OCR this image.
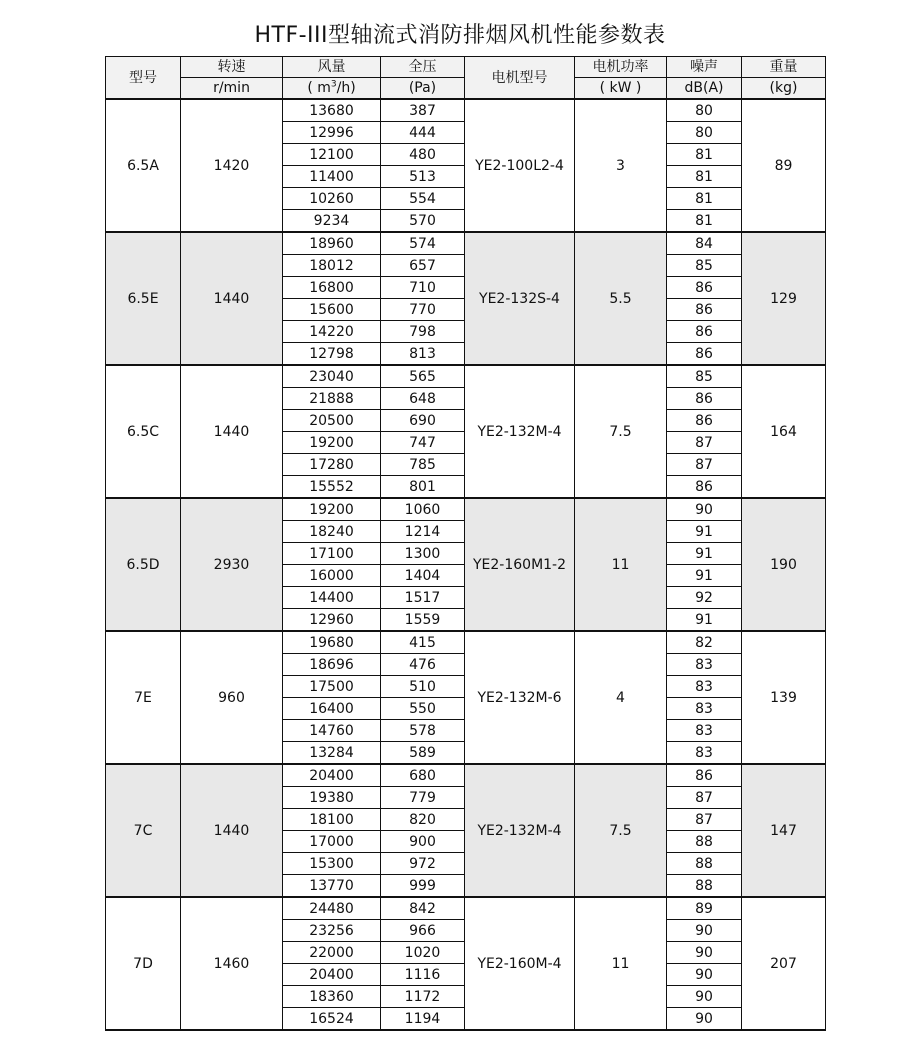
HTF-III型轴流式消防排烟风机性能参数表
型号	转速	风量	全压	电机型号	电机功率	噪声	重量
	r/min	( $m^3/h$)	(Pa)		( kW )	dB(A)	(kg)
6.5A	1420	13680	387	YE2-100L2-4	3	80	89
		12996	444			80	
		12100	480			81	
		11400	513			81	
		10260	554			81	
		9234	570			81	
6.5E	1440	18960	574	YE2-132S-4	5.5	84	129
		18012	657			85	
		16800	710			86	
		15600	770			86	
		14220	798			86	
		12798	813			86	
6.5C	1440	23040	565	YE2-132M-4	7.5	85	164
		21888	648			86	
		20500	690			86	
		19200	747			87	
		17280	785			87	
		15552	801			86	
6.5D	2930	19200	1060	YE2-160M1-2	11	90	190
		18240	1214			91	
		17100	1300			91	
		16000	1404			91	
		14400	1517			92	
		12960	1559			91	
7E	960	19680	415	YE2-132M-6	4	82	139
		18696	476			83	
		17500	510			83	
		16400	550			83	
		14760	578			83	
		13284	589			83	
7C	1440	20400	680	YE2-132M-4	7.5	86	147
		19380	779			87	
		18100	820			87	
		17000	900			88	
		15300	972			88	
		13770	999			88	
7D	1460	24480	842	YE2-160M-4	11	89	207
		23256	966			90	
		22000	1020			90	
		20400	1116			90	
		18360	1172			90	
		16524	1194			90	
